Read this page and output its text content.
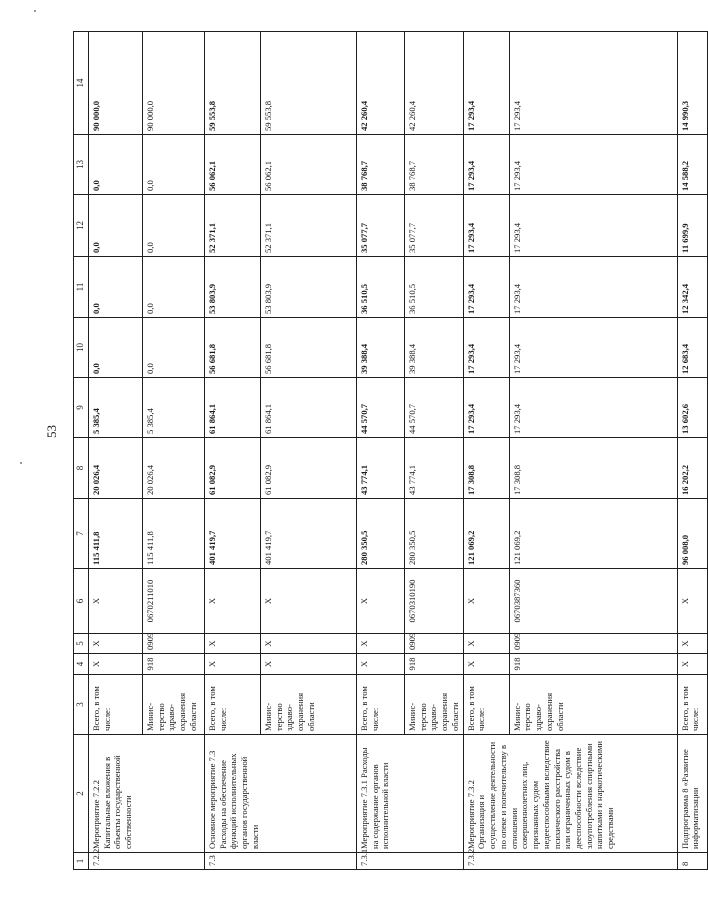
53
1	2	3	4	5	6	7	8	9	10	11	12	13	14
7.2.2	Мероприятие 7.2.2 Капитальные вложения в объекты государственной собственности	Всего, в том числе:	Х	Х	Х	115 411,8	20 026,4	5 385,4	0,0	0,0	0,0	0,0	90 000,0
		Минис-терство здраво-охранения области	918	0909	0670211010	115 411,8	20 026,4	5 385,4	0,0	0,0	0,0	0,0	90 000,0
7.3	Основное мероприятие 7.3 Расходы на обеспечение функций исполнительных органов государственной власти	Всего, в том числе:	Х	Х	Х	401 419,7	61 082,9	61 864,1	56 681,8	53 803,9	52 371,1	56 062,1	59 553,8
		Минис-терство здраво-охранения области	Х	Х	Х	401 419,7	61 082,9	61 864,1	56 681,8	53 803,9	52 371,1	56 062,1	59 553,8
7.3.1	Мероприятие 7.3.1 Расходы на содержание органов исполнительной власти	Всего, в том числе:	Х	Х	Х	280 350,5	43 774,1	44 570,7	39 388,4	36 510,5	35 077,7	38 768,7	42 260,4
		Минис-терство здраво-охранения области	918	0909	0670310190	280 350,5	43 774,1	44 570,7	39 388,4	36 510,5	35 077,7	38 768,7	42 260,4
7.3.2	Мероприятие 7.3.2 Организация и осуществление деятельности по опеке и попечительству в отношении совершеннолетних лиц, признанных судом недееспособными вследствие психического расстройства или ограниченных судом в дееспособности вследствие злоупотребления спиртными напитками и наркотическими средствами	Всего, в том числе:	Х	Х	Х	121 069,2	17 308,8	17 293,4	17 293,4	17 293,4	17 293,4	17 293,4	17 293,4
		Минис-терство здраво-охранения области	918	0909	0670387360	121 069,2	17 308,8	17 293,4	17 293,4	17 293,4	17 293,4	17 293,4	17 293,4
8	Подпрограмма 8 «Развитие информатизации	Всего, в том числе:	Х	Х	Х	96 008,0	16 202,2	13 602,6	12 683,4	12 342,4	11 699,9	14 588,2	14 990,3
